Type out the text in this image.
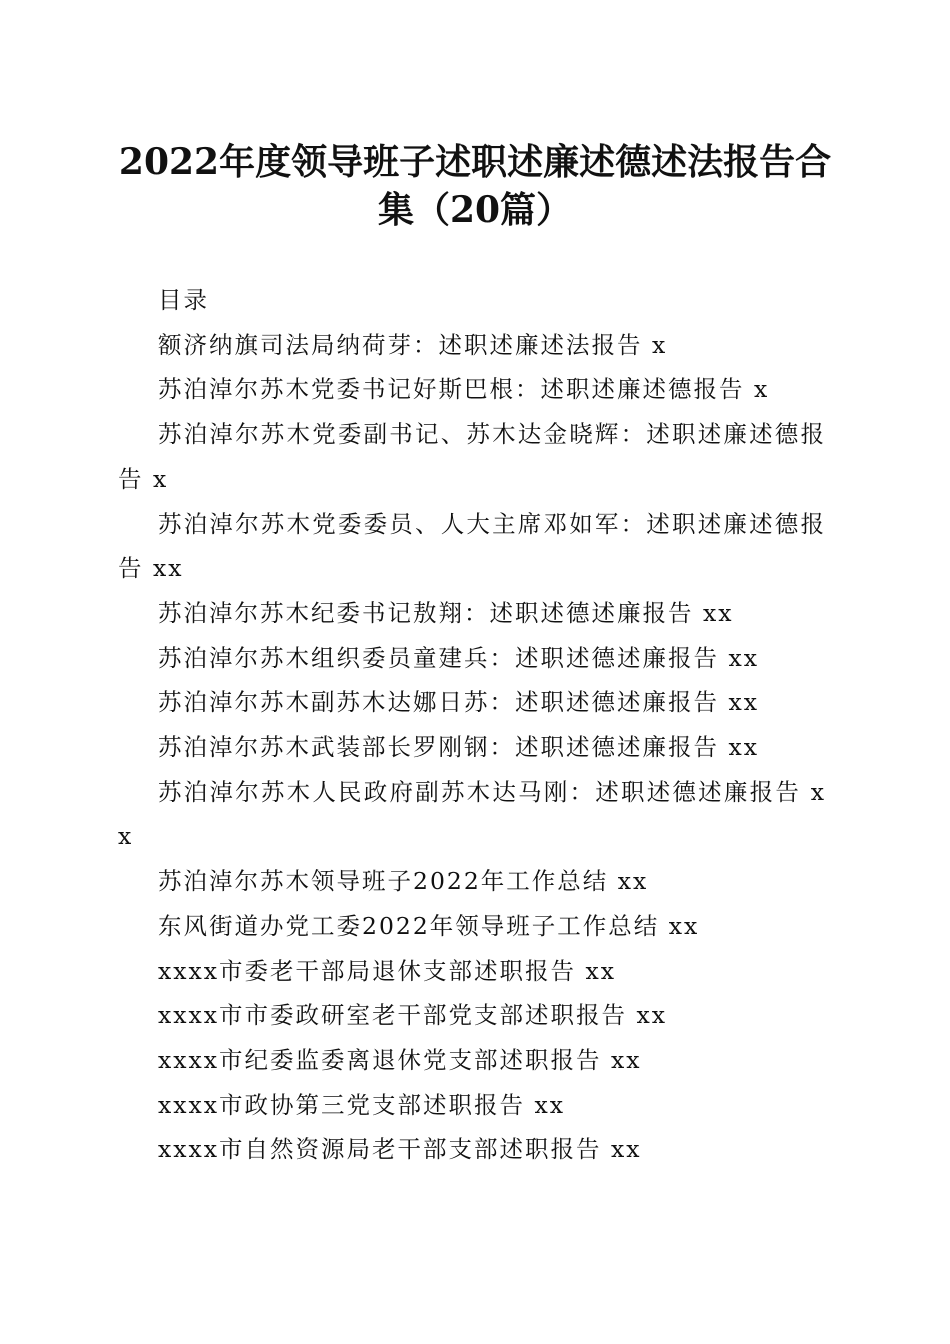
2022年度领导班子述职述廉述德述法报告合
集（20篇）

目录

额济纳旗司法局纳荷芽：述职述廉述法报告 x

苏泊淖尔苏木党委书记好斯巴根：述职述廉述德报告 x

苏泊淖尔苏木党委副书记、苏木达金晓辉：述职述廉述德报告 x

苏泊淖尔苏木党委委员、人大主席邓如军：述职述廉述德报告 xx

苏泊淖尔苏木纪委书记敖翔：述职述德述廉报告 xx

苏泊淖尔苏木组织委员童建兵：述职述德述廉报告 xx

苏泊淖尔苏木副苏木达娜日苏：述职述德述廉报告 xx

苏泊淖尔苏木武装部长罗刚钢：述职述德述廉报告 xx

苏泊淖尔苏木人民政府副苏木达马刚：述职述德述廉报告 xx

苏泊淖尔苏木领导班子2022年工作总结 xx

东风街道办党工委2022年领导班子工作总结 xx

xxxx市委老干部局退休支部述职报告 xx

xxxx市市委政研室老干部党支部述职报告 xx

xxxx市纪委监委离退休党支部述职报告 xx

xxxx市政协第三党支部述职报告 xx

xxxx市自然资源局老干部支部述职报告 xx
